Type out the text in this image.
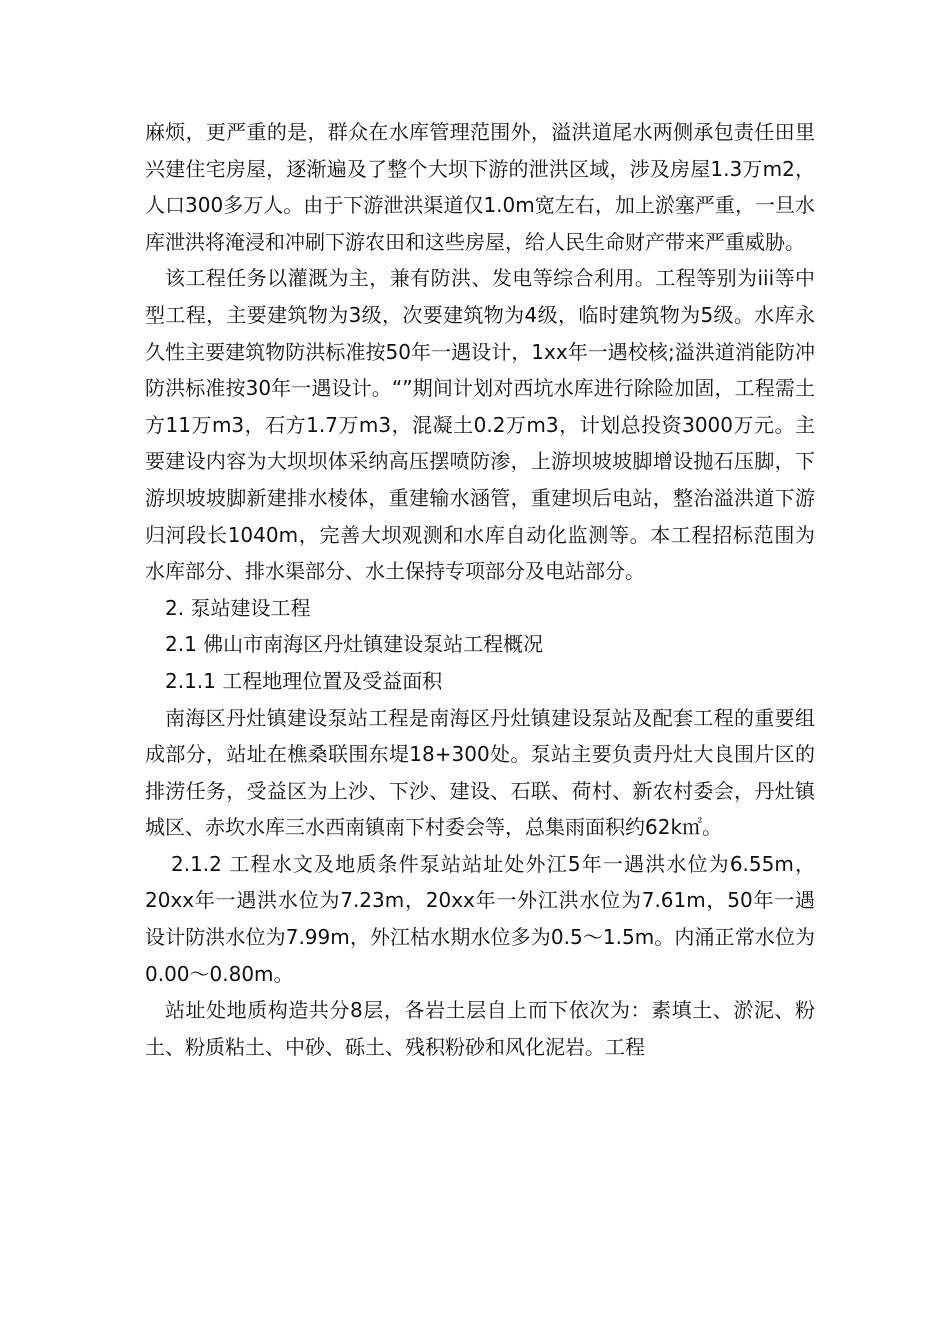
麻烦，更严重的是，群众在水库管理范围外，溢洪道尾水两侧承包责任田里兴建住宅房屋，逐渐遍及了整个大坝下游的泄洪区域，涉及房屋1.3万m2，人口300多万人。由于下游泄洪渠道仅1.0m宽左右，加上淤塞严重，一旦水库泄洪将淹浸和冲刷下游农田和这些房屋，给人民生命财产带来严重威胁。

该工程任务以灌溉为主，兼有防洪、发电等综合利用。工程等别为iii等中型工程，主要建筑物为3级，次要建筑物为4级，临时建筑物为5级。水库永久性主要建筑物防洪标准按50年一遇设计，1xx年一遇校核;溢洪道消能防冲防洪标准按30年一遇设计。“”期间计划对西坑水库进行除险加固，工程需土方11万m3，石方1.7万m3，混凝土0.2万m3，计划总投资3000万元。主要建设内容为大坝坝体采纳高压摆喷防渗，上游坝坡坡脚增设抛石压脚，下游坝坡坡脚新建排水棱体，重建输水涵管，重建坝后电站，整治溢洪道下游归河段长1040m，完善大坝观测和水库自动化监测等。本工程招标范围为水库部分、排水渠部分、水土保持专项部分及电站部分。

2. 泵站建设工程

2.1 佛山市南海区丹灶镇建设泵站工程概况

2.1.1 工程地理位置及受益面积

南海区丹灶镇建设泵站工程是南海区丹灶镇建设泵站及配套工程的重要组成部分，站址在樵桑联围东堤18+300处。泵站主要负责丹灶大良围片区的排涝任务，受益区为上沙、下沙、建设、石联、荷村、新农村委会，丹灶镇城区、赤坎水库三水西南镇南下村委会等，总集雨面积约62k㎡。

2.1.2 工程水文及地质条件泵站站址处外江5年一遇洪水位为6.55m，20xx年一遇洪水位为7.23m，20xx年一外江洪水位为7.61m，50年一遇设计防洪水位为7.99m，外江枯水期水位多为0.5～1.5m。内涌正常水位为0.00～0.80m。

站址处地质构造共分8层，各岩土层自上而下依次为：素填土、淤泥、粉土、粉质粘土、中砂、砾土、残积粉砂和风化泥岩。工程
